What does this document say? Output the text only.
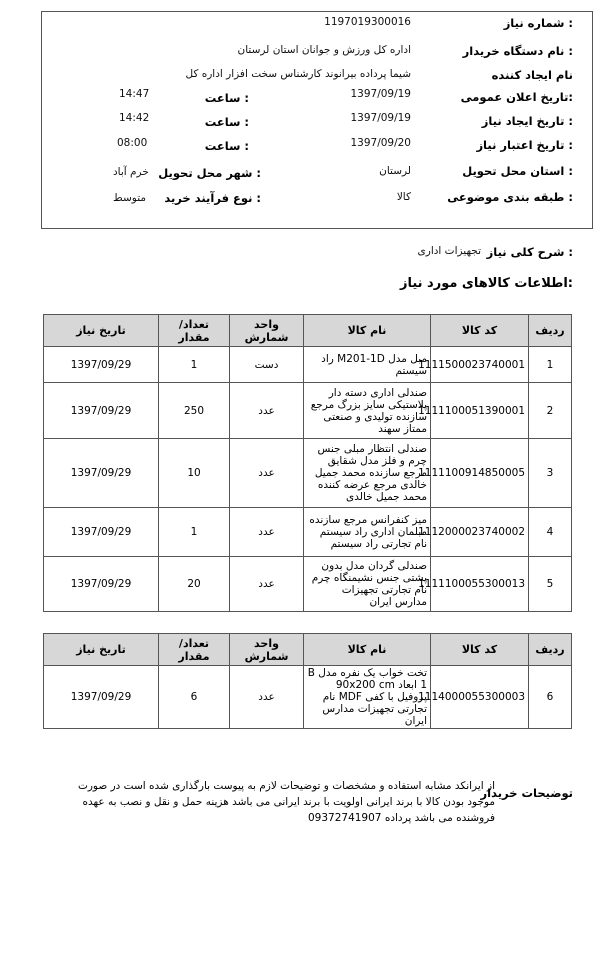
شماره نیاز :
1197019300016
نام دستگاه خریدار :
اداره کل ورزش و جوانان استان لرستان
نام ایجاد کننده
شیما پرداده بیرانوند کارشناس سخت افزار اداره کل
تاریخ اعلان عمومی:
1397/09/19
ساعت :
14:47
تاریخ ایجاد نیاز :
1397/09/19
ساعت :
14:42
تاریخ اعتبار نیاز :
1397/09/20
ساعت :
08:00
استان محل تحویل :
لرستان
شهر محل تحویل :
خرم آباد
طبقه بندی موضوعی :
کالا
نوع فرآیند خرید :
متوسط
شرح کلی نیاز :
تجهیزات اداری
اطلاعات کالاهای مورد نیاز:
ردیف	کد کالا	نام کالا	واحد شمارش	تعداد/ مقدار	تاریخ نیاز
1	1111500023740001	مبل مدل M201-1D راد سیستم	دست	1	1397/09/29
2	1111100051390001	صندلی اداری دسته دار پلاستیکی سایز بزرگ مرجع سازنده تولیدی و صنعتی ممتاز سهند	عدد	250	1397/09/29
3	1111100914850005	صندلی انتظار مبلی جنس چرم و فلز مدل شقایق مرجع سازنده محمد جمیل خالدی مرجع عرضه کننده محمد جمیل خالدی	عدد	10	1397/09/29
4	1112000023740002	میز کنفرانس مرجع سازنده مبلمان اداری راد سیستم نام تجارتی راد سیستم	عدد	1	1397/09/29
5	1111100055300013	صندلی گردان مدل بدون پشتی جنس نشیمنگاه چرم نام تجارتی تجهیزات مدارس ایران	عدد	20	1397/09/29
ردیف	کد کالا	نام کالا	واحد شمارش	تعداد/ مقدار	تاریخ نیاز
6	1114000055300003	تخت خواب یک نفره مدل B 1 ابعاد 90x200 cm پروفیل با کفی MDF نام تجارتی تجهیزات مدارس ایران	عدد	6	1397/09/29
توضیحات خریدار
از ایرانکد مشابه استفاده و مشخصات و توضیحات لازم به پیوست بارگذاری شده است در صورت
موجود بودن کالا با برند ایرانی اولویت با برند ایرانی می باشد هزینه حمل و نقل و نصب به عهده
فروشنده می باشد پرداده 09372741907
